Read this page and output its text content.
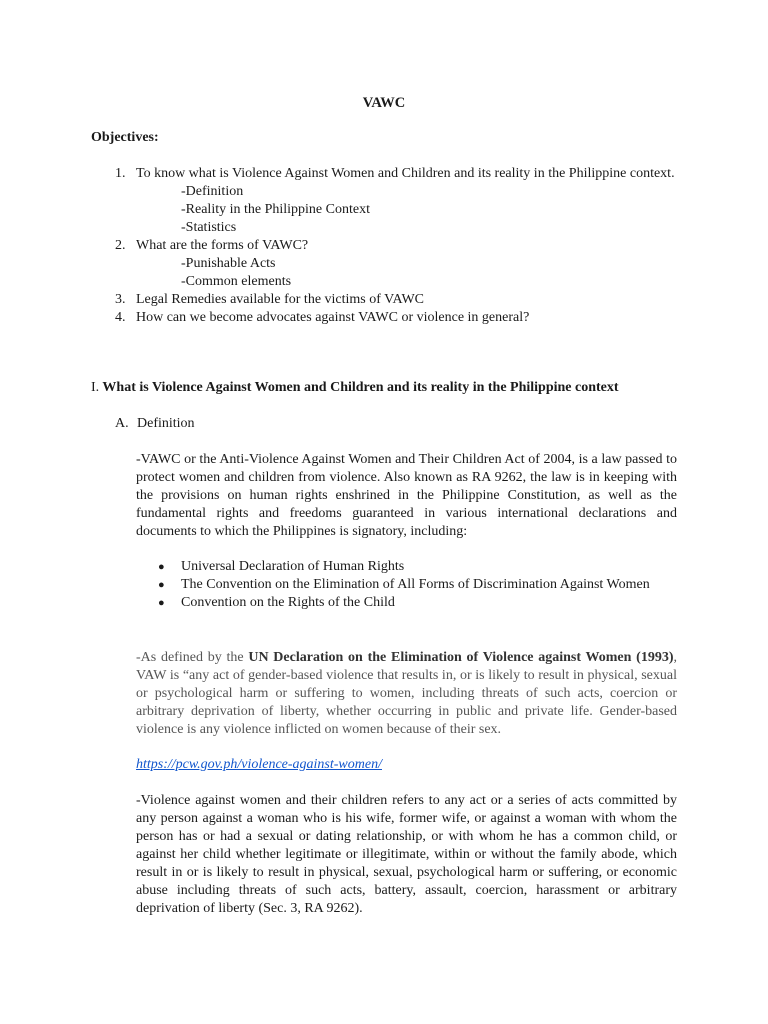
VAWC
Objectives:
1. To know what is Violence Against Women and Children and its reality in the Philippine context.
-Definition
-Reality in the Philippine Context
-Statistics
2. What are the forms of VAWC?
-Punishable Acts
-Common elements
3. Legal Remedies available for the victims of VAWC
4. How can we become advocates against VAWC or violence in general?
I. What is Violence Against Women and Children and its reality in the Philippine context
A. Definition
-VAWC or the Anti-Violence Against Women and Their Children Act of 2004, is a law passed to protect women and children from violence. Also known as RA 9262, the law is in keeping with the provisions on human rights enshrined in the Philippine Constitution, as well as the fundamental rights and freedoms guaranteed in various international declarations and documents to which the Philippines is signatory, including:
● Universal Declaration of Human Rights
● The Convention on the Elimination of All Forms of Discrimination Against Women
● Convention on the Rights of the Child
-As defined by the UN Declaration on the Elimination of Violence against Women (1993), VAW is “any act of gender-based violence that results in, or is likely to result in physical, sexual or psychological harm or suffering to women, including threats of such acts, coercion or arbitrary deprivation of liberty, whether occurring in public and private life. Gender-based violence is any violence inflicted on women because of their sex.
https://pcw.gov.ph/violence-against-women/
-Violence against women and their children refers to any act or a series of acts committed by any person against a woman who is his wife, former wife, or against a woman with whom the person has or had a sexual or dating relationship, or with whom he has a common child, or against her child whether legitimate or illegitimate, within or without the family abode, which result in or is likely to result in physical, sexual, psychological harm or suffering, or economic abuse including threats of such acts, battery, assault, coercion, harassment or arbitrary deprivation of liberty (Sec. 3, RA 9262).
